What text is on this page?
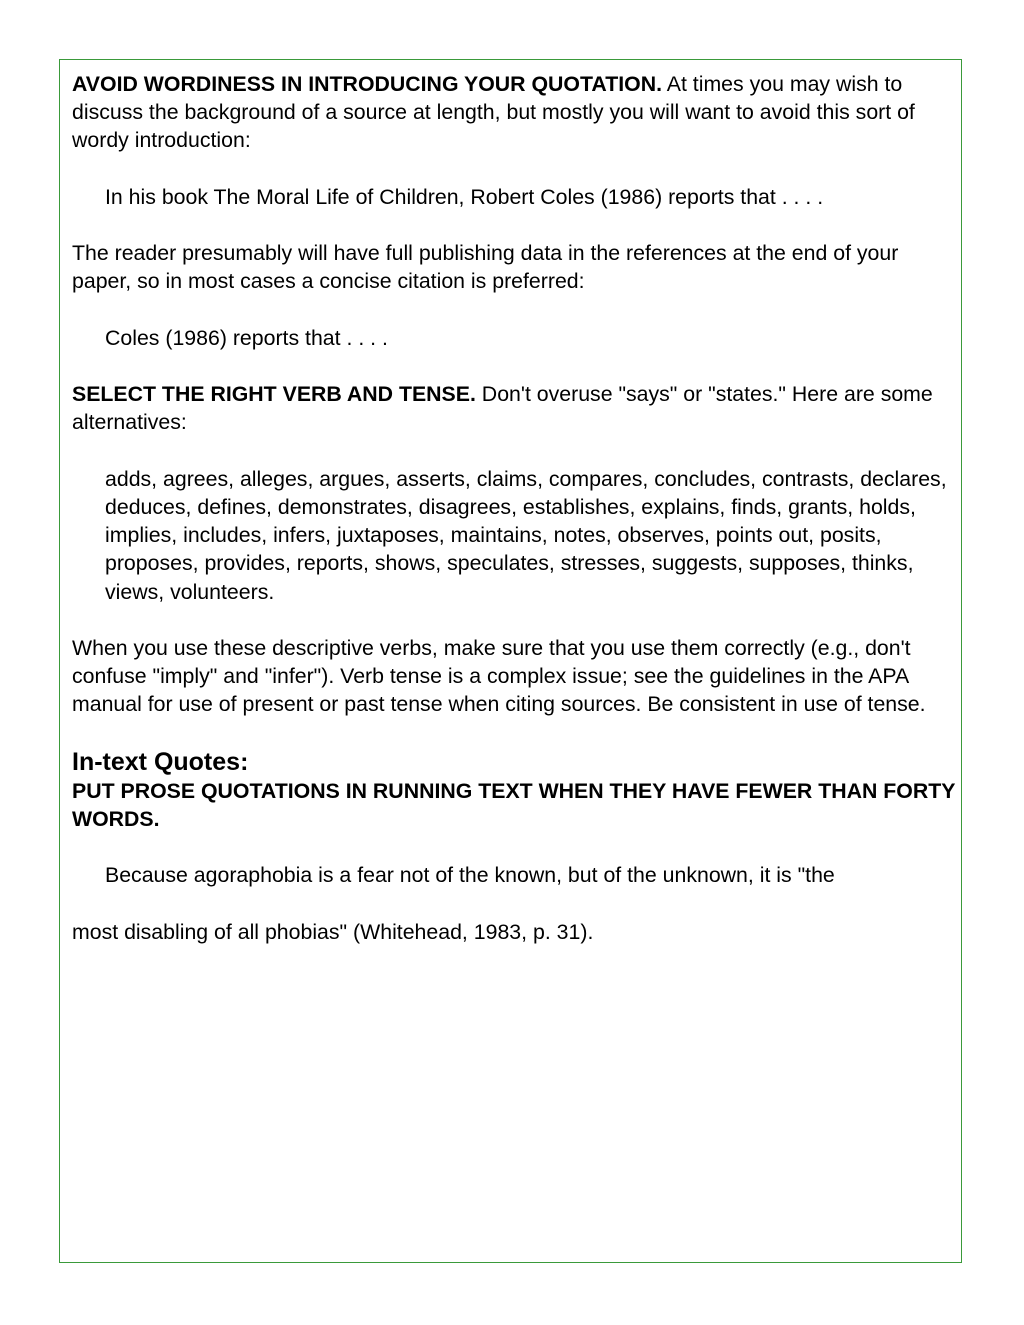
AVOID WORDINESS IN INTRODUCING YOUR QUOTATION. At times you may wish to discuss the background of a source at length, but mostly you will want to avoid this sort of wordy introduction:

In his book The Moral Life of Children, Robert Coles (1986) reports that . . . .

The reader presumably will have full publishing data in the references at the end of your paper, so in most cases a concise citation is preferred:

Coles (1986) reports that . . . .

SELECT THE RIGHT VERB AND TENSE. Don't overuse "says" or "states." Here are some alternatives:

adds, agrees, alleges, argues, asserts, claims, compares, concludes, contrasts, declares, deduces, defines, demonstrates, disagrees, establishes, explains, finds, grants, holds, implies, includes, infers, juxtaposes, maintains, notes, observes, points out, posits, proposes, provides, reports, shows, speculates, stresses, suggests, supposes, thinks, views, volunteers.

When you use these descriptive verbs, make sure that you use them correctly (e.g., don't confuse "imply" and "infer"). Verb tense is a complex issue; see the guidelines in the APA manual for use of present or past tense when citing sources. Be consistent in use of tense.

In-text Quotes:
PUT PROSE QUOTATIONS IN RUNNING TEXT WHEN THEY HAVE FEWER THAN FORTY WORDS.

Because agoraphobia is a fear not of the known, but of the unknown, it is "the

most disabling of all phobias" (Whitehead, 1983, p. 31).
